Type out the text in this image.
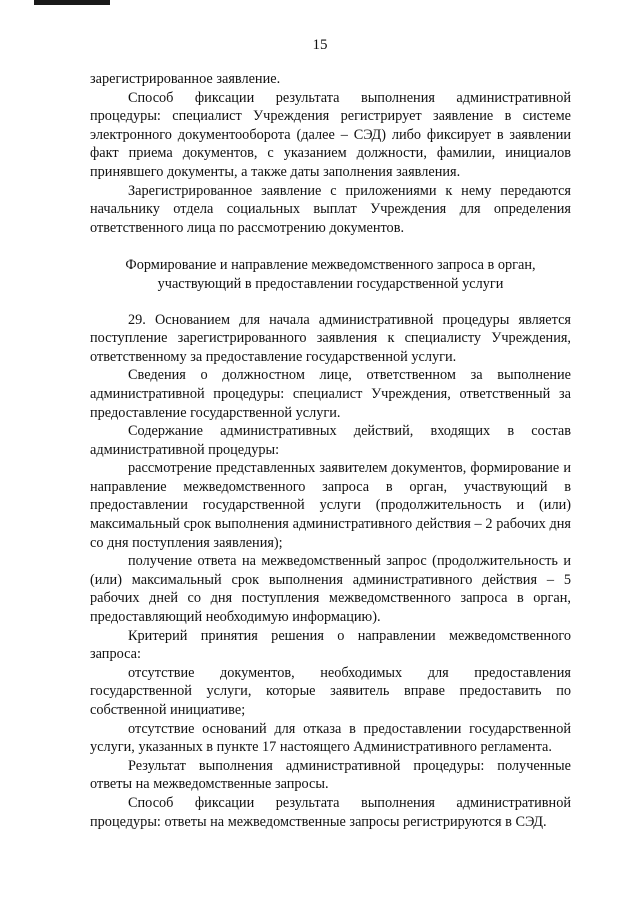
15

зарегистрированное заявление.

Способ фиксации результата выполнения административной процедуры: специалист Учреждения регистрирует заявление в системе электронного документооборота (далее – СЭД) либо фиксирует в заявлении факт приема документов, с указанием должности, фамилии, инициалов принявшего документы, а также даты заполнения заявления.

Зарегистрированное заявление с приложениями к нему передаются начальнику отдела социальных выплат Учреждения для определения ответственного лица по рассмотрению документов.

Формирование и направление межведомственного запроса в орган,
участвующий в предоставлении государственной услуги

29. Основанием для начала административной процедуры является поступление зарегистрированного заявления к специалисту Учреждения, ответственному за предоставление государственной услуги.

Сведения о должностном лице, ответственном за выполнение административной процедуры: специалист Учреждения, ответственный за предоставление государственной услуги.

Содержание административных действий, входящих в состав административной процедуры:

рассмотрение представленных заявителем документов, формирование и направление межведомственного запроса в орган, участвующий в предоставлении государственной услуги (продолжительность и (или) максимальный срок выполнения административного действия – 2 рабочих дня со дня поступления заявления);

получение ответа на межведомственный запрос (продолжительность и (или) максимальный срок выполнения административного действия – 5 рабочих дней со дня поступления межведомственного запроса в орган, предоставляющий необходимую информацию).

Критерий принятия решения о направлении межведомственного запроса:

отсутствие документов, необходимых для предоставления государственной услуги, которые заявитель вправе предоставить по собственной инициативе;

отсутствие оснований для отказа в предоставлении государственной услуги, указанных в пункте 17 настоящего Административного регламента.

Результат выполнения административной процедуры: полученные ответы на межведомственные запросы.

Способ фиксации результата выполнения административной процедуры: ответы на межведомственные запросы регистрируются в СЭД.
